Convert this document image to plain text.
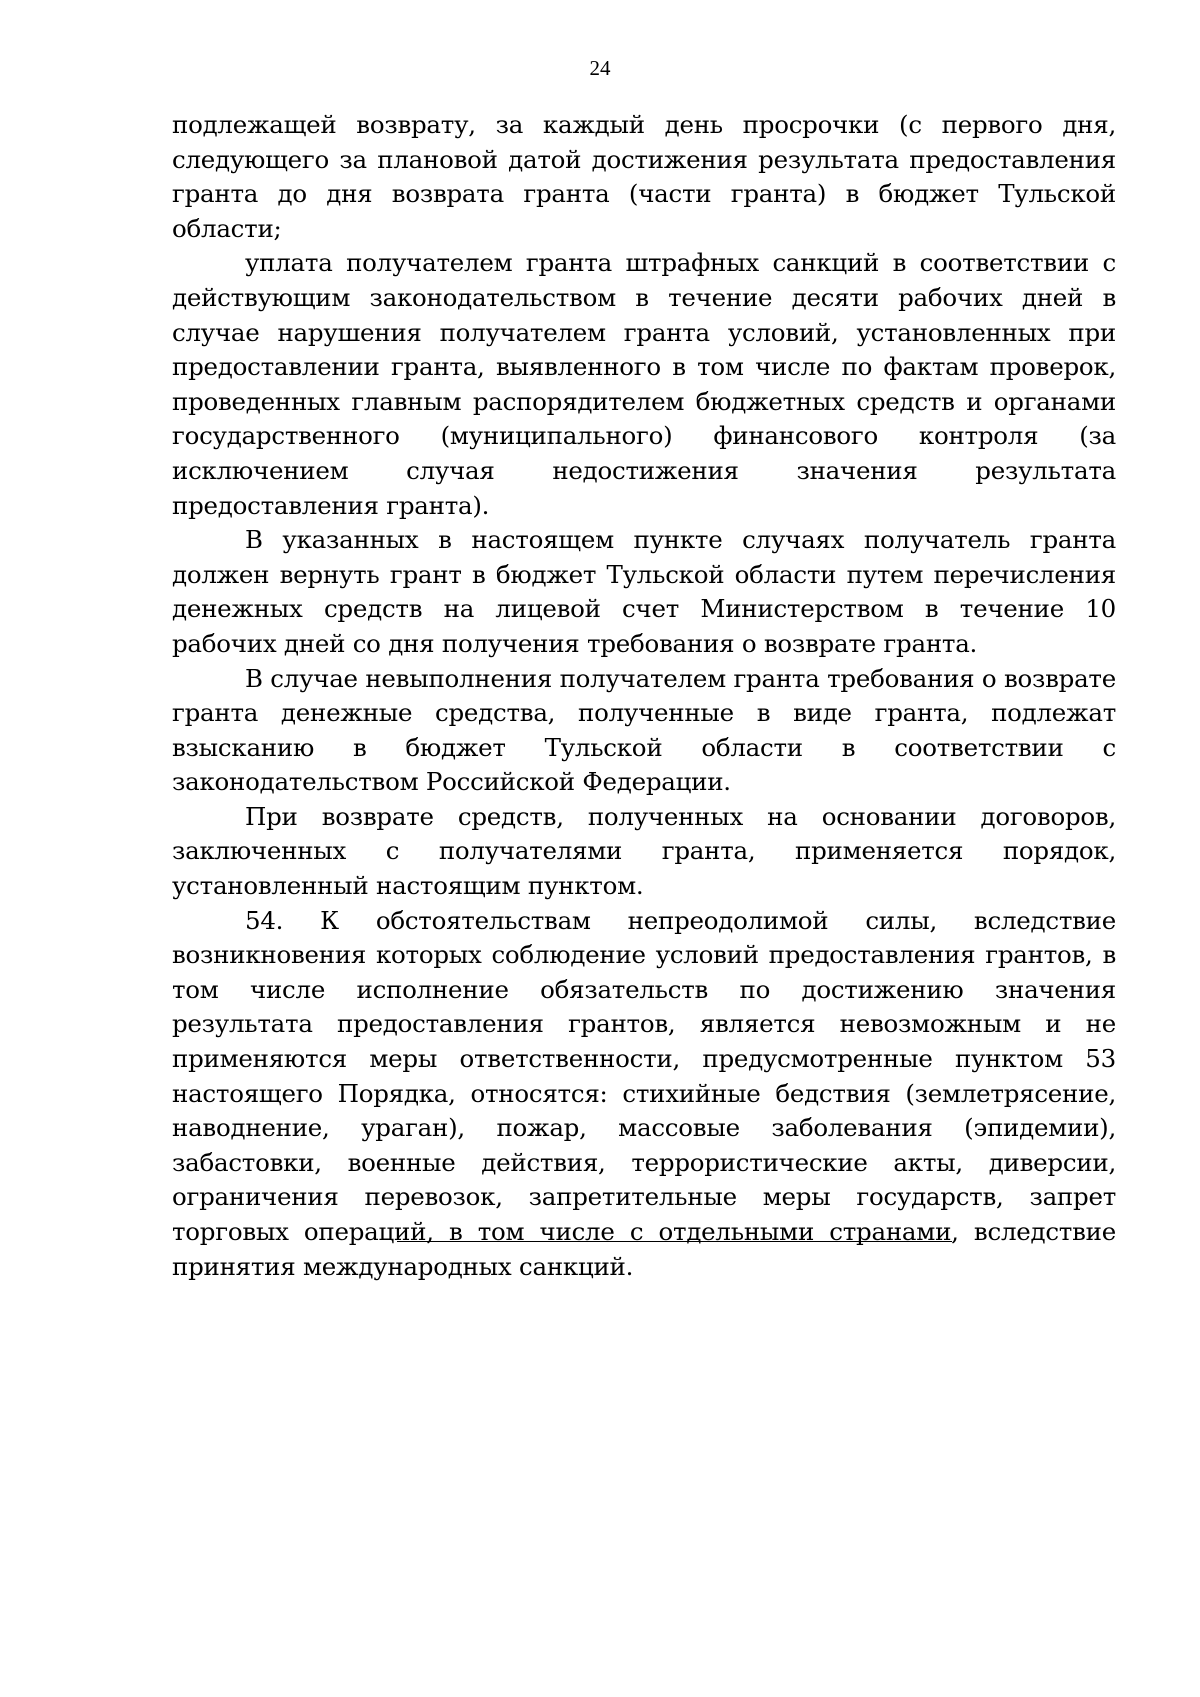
24

подлежащей возврату, за каждый день просрочки (с первого дня, следующего за плановой датой достижения результата предоставления гранта до дня возврата гранта (части гранта) в бюджет Тульской области;

уплата получателем гранта штрафных санкций в соответствии с действующим законодательством в течение десяти рабочих дней в случае нарушения получателем гранта условий, установленных при предоставлении гранта, выявленного в том числе по фактам проверок, проведенных главным распорядителем бюджетных средств и органами государственного (муниципального) финансового контроля (за исключением случая недостижения значения результата предоставления гранта).

В указанных в настоящем пункте случаях получатель гранта должен вернуть грант в бюджет Тульской области путем перечисления денежных средств на лицевой счет Министерством в течение 10 рабочих дней со дня получения требования о возврате гранта.

В случае невыполнения получателем гранта требования о возврате гранта денежные средства, полученные в виде гранта, подлежат взысканию в бюджет Тульской области в соответствии с законодательством Российской Федерации.

При возврате средств, полученных на основании договоров, заключенных с получателями гранта, применяется порядок, установленный настоящим пунктом.

54. К обстоятельствам непреодолимой силы, вследствие возникновения которых соблюдение условий предоставления грантов, в том числе исполнение обязательств по достижению значения результата предоставления грантов, является невозможным и не применяются меры ответственности, предусмотренные пунктом 53 настоящего Порядка, относятся: стихийные бедствия (землетрясение, наводнение, ураган), пожар, массовые заболевания (эпидемии), забастовки, военные действия, террористические акты, диверсии, ограничения перевозок, запретительные меры государств, запрет торговых операций, в том числе с отдельными странами, вследствие принятия международных санкций.
